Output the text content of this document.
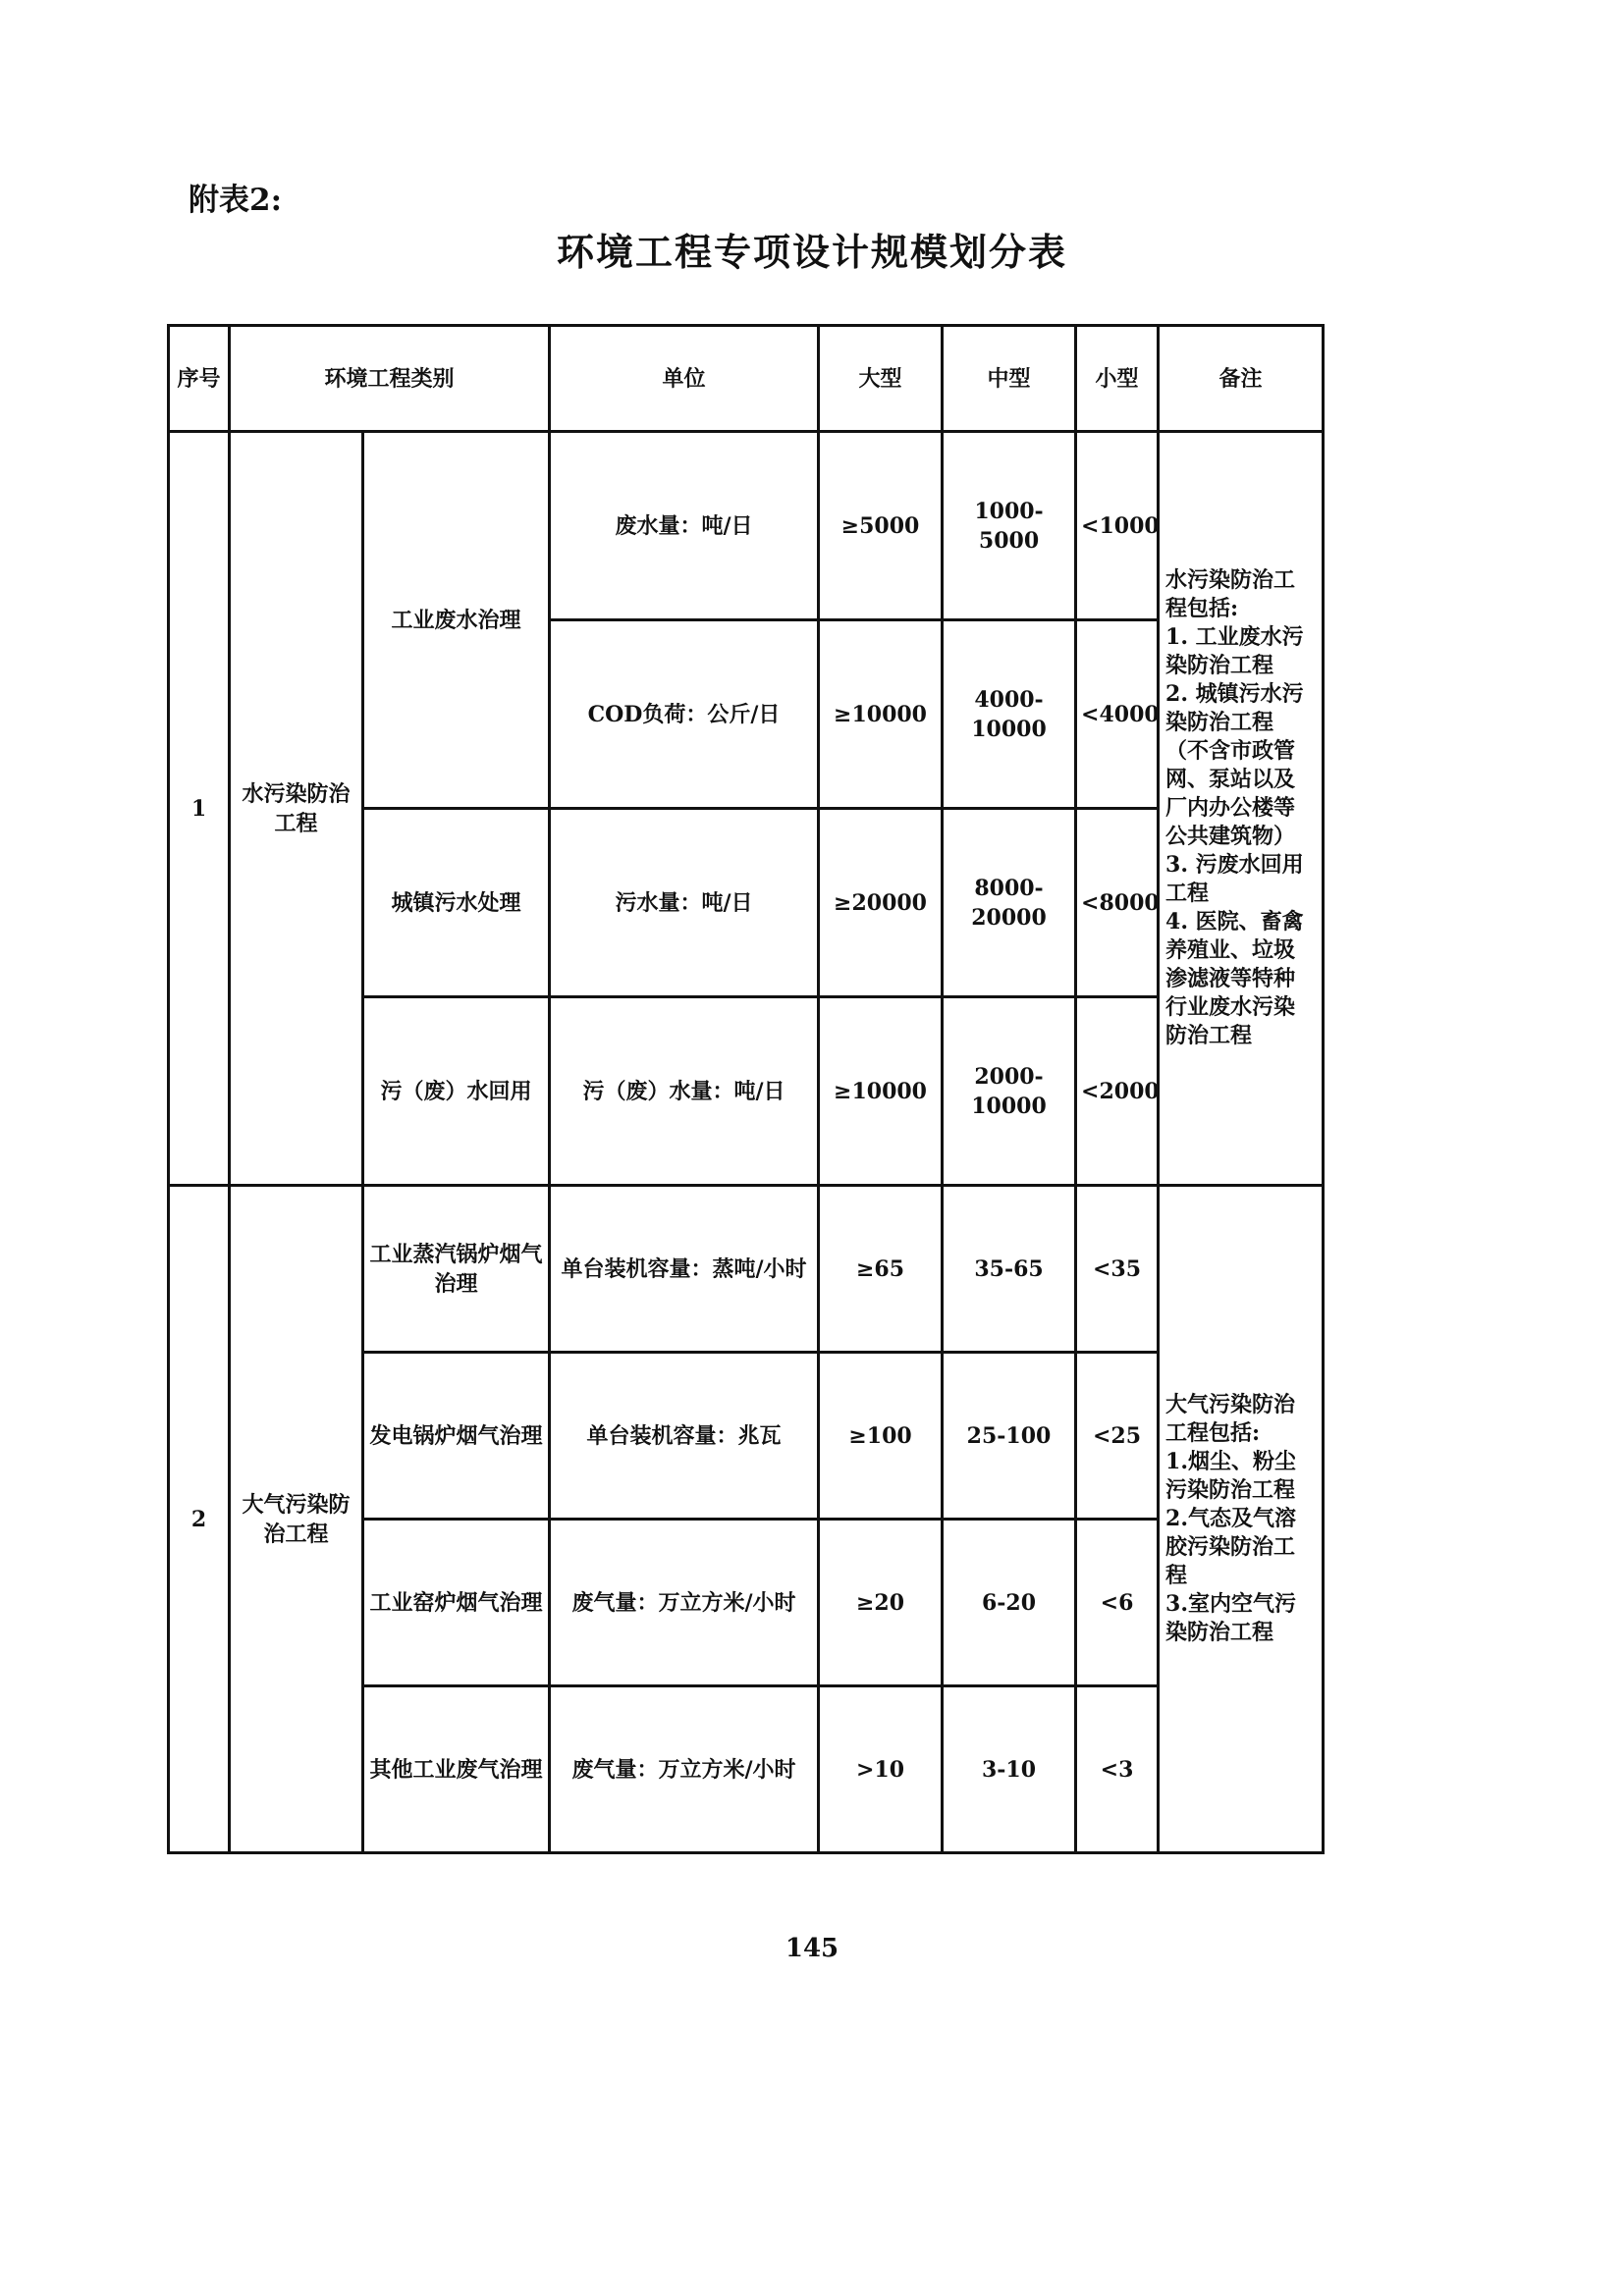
附表2:
环境工程专项设计规模划分表
序号	环境工程类别		单位	大型	中型	小型	备注
1	水污染防治工程	工业废水治理	废水量：吨/日	≥5000	1000-5000	<1000	水污染防治工程包括:
1. 工业废水污染防治工程
2. 城镇污水污染防治工程（不含市政管网、泵站以及厂内办公楼等公共建筑物）
3. 污废水回用工程
4. 医院、畜禽养殖业、垃圾渗滤液等特种行业废水污染防治工程
			COD负荷：公斤/日	≥10000	4000-10000	<4000	
		城镇污水处理	污水量：吨/日	≥20000	8000-20000	<8000	
		污（废）水回用	污（废）水量：吨/日	≥10000	2000-10000	<2000	
2	大气污染防治工程	工业蒸汽锅炉烟气治理	单台装机容量：蒸吨/小时	≥65	35-65	<35	大气污染防治工程包括:
1.烟尘、粉尘污染防治工程
2.气态及气溶胶污染防治工程
3.室内空气污染防治工程
		发电锅炉烟气治理	单台装机容量：兆瓦	≥100	25-100	<25	
		工业窑炉烟气治理	废气量：万立方米/小时	≥20	6-20	<6	
		其他工业废气治理	废气量：万立方米/小时	>10	3-10	<3	
145
